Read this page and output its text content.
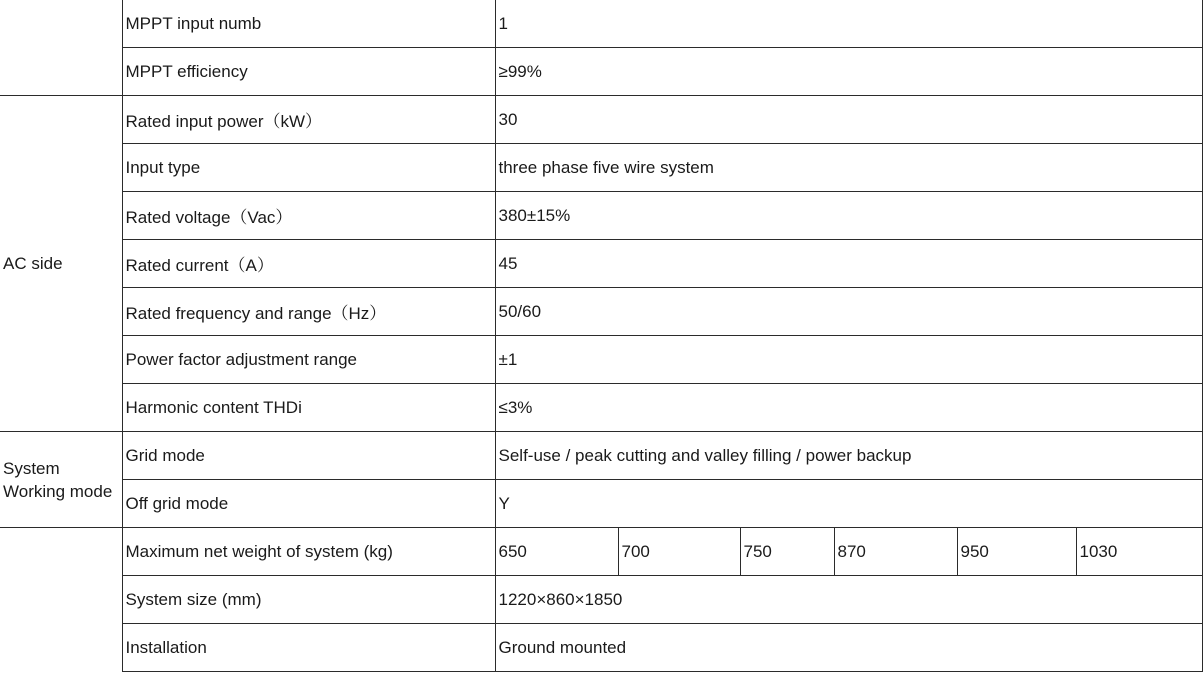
	MPPT input numb	1					
	MPPT efficiency	≥99%					
AC side	Rated input power（kW）	30					
	Input type	three phase five wire system					
	Rated voltage（Vac）	380±15%					
	Rated current（A）	45					
	Rated frequency and range（Hz）	50/60					
	Power factor adjustment range	±1					
	Harmonic content THDi	≤3%					
System Working mode	Grid mode	Self-use / peak cutting and valley filling / power backup					
	Off grid mode	Y					
	Maximum net weight of system (kg)	650	700	750	870	950	1030
	System size (mm)	1220×860×1850					
	Installation	Ground mounted					
